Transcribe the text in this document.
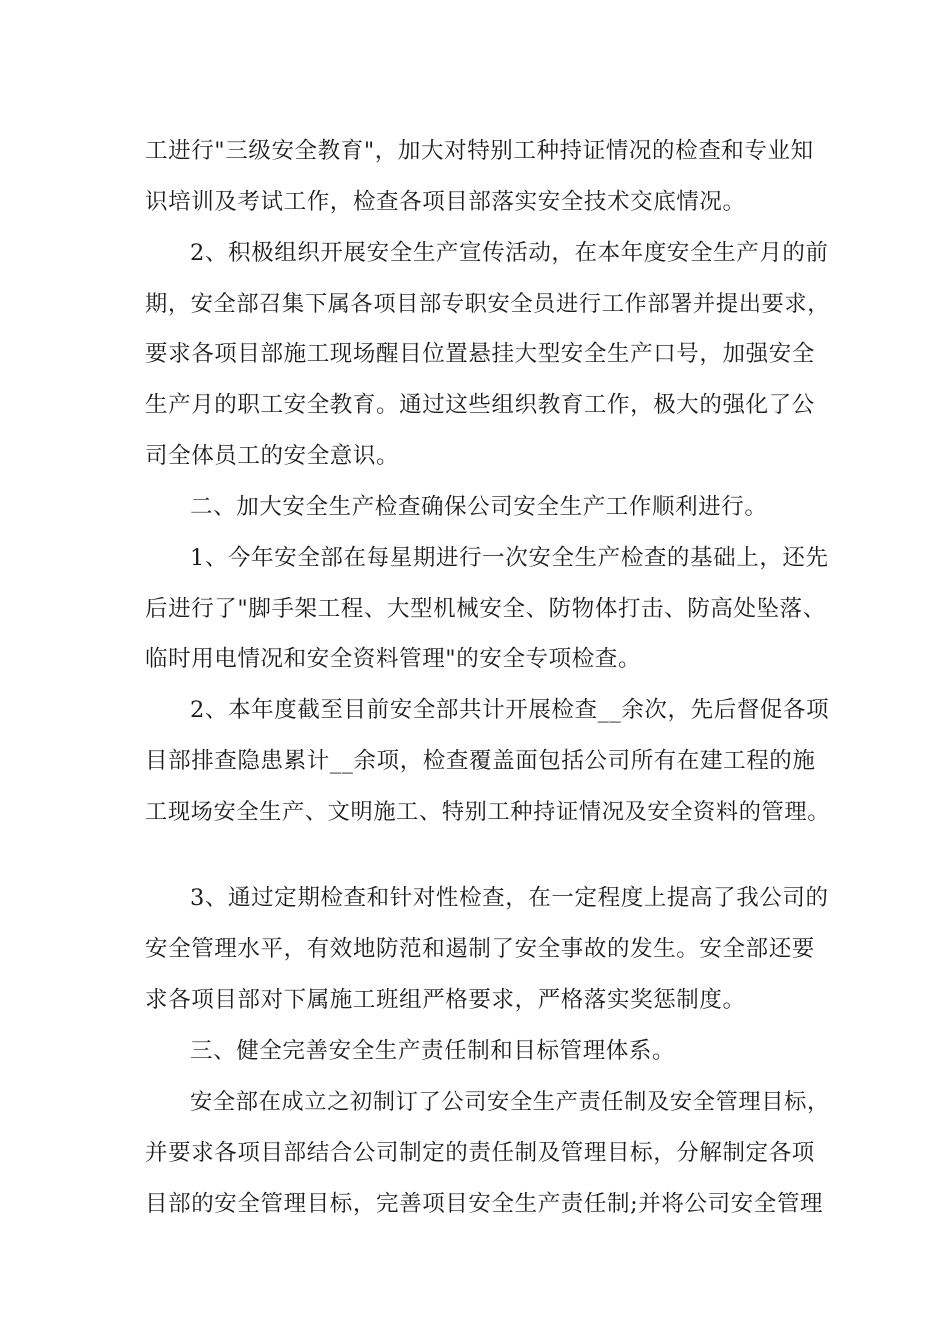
工进行"三级安全教育"，加大对特别工种持证情况的检查和专业知
识培训及考试工作，检查各项目部落实安全技术交底情况。
2、积极组织开展安全生产宣传活动，在本年度安全生产月的前
期，安全部召集下属各项目部专职安全员进行工作部署并提出要求，
要求各项目部施工现场醒目位置悬挂大型安全生产口号，加强安全
生产月的职工安全教育。通过这些组织教育工作，极大的强化了公
司全体员工的安全意识。
二、加大安全生产检查确保公司安全生产工作顺利进行。
1、今年安全部在每星期进行一次安全生产检查的基础上，还先
后进行了"脚手架工程、大型机械安全、防物体打击、防高处坠落、
临时用电情况和安全资料管理"的安全专项检查。
2、本年度截至目前安全部共计开展检查__余次，先后督促各项
目部排查隐患累计__余项，检查覆盖面包括公司所有在建工程的施
工现场安全生产、文明施工、特别工种持证情况及安全资料的管理。
3、通过定期检查和针对性检查，在一定程度上提高了我公司的
安全管理水平，有效地防范和遏制了安全事故的发生。安全部还要
求各项目部对下属施工班组严格要求，严格落实奖惩制度。
三、健全完善安全生产责任制和目标管理体系。
安全部在成立之初制订了公司安全生产责任制及安全管理目标，
并要求各项目部结合公司制定的责任制及管理目标，分解制定各项
目部的安全管理目标，完善项目安全生产责任制;并将公司安全管理
